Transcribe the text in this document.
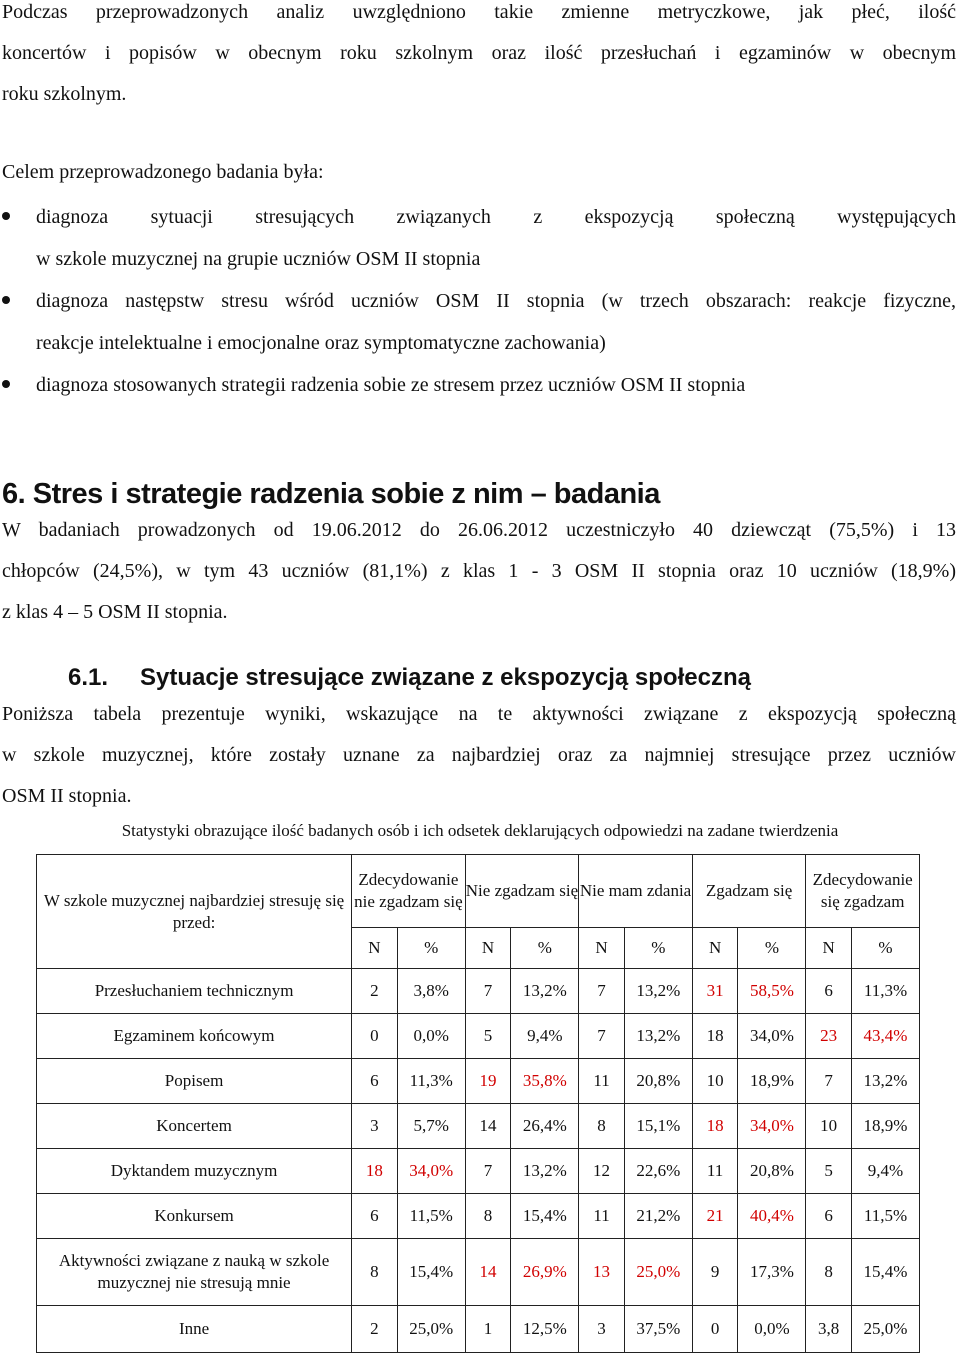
Podczas przeprowadzonych analiz uwzględniono takie zmienne metryczkowe, jak płeć, ilość
koncertów i popisów w obecnym roku szkolnym oraz ilość przesłuchań i egzaminów w obecnym
roku szkolnym.
Celem przeprowadzonego badania była:
diagnoza sytuacji stresujących związanych z ekspozycją społeczną występujących
w szkole muzycznej na grupie uczniów OSM II stopnia
diagnoza następstw stresu wśród uczniów OSM II stopnia (w trzech obszarach: reakcje fizyczne,
reakcje intelektualne i emocjonalne oraz symptomatyczne zachowania)
diagnoza stosowanych strategii radzenia sobie ze stresem przez uczniów OSM II stopnia
6. Stres i strategie radzenia sobie z nim – badania
W badaniach prowadzonych od 19.06.2012 do 26.06.2012 uczestniczyło 40 dziewcząt (75,5%) i 13
chłopców (24,5%), w tym 43 uczniów (81,1%) z klas 1 - 3 OSM II stopnia oraz 10 uczniów (18,9%)
z klas 4 – 5 OSM II stopnia.
6.1. Sytuacje stresujące związane z ekspozycją społeczną
Poniższa tabela prezentuje wyniki, wskazujące na te aktywności związane z ekspozycją społeczną
w szkole muzycznej, które zostały uznane za najbardziej oraz za najmniej stresujące przez uczniów
OSM II stopnia.

Statystyki obrazujące ilość badanych osób i ich odsetek deklarujących odpowiedzi na zadane twierdzenia

W szkole muzycznej najbardziej stresuję się przed:	Zdecydowanie nie zgadzam się		Nie zgadzam się		Nie mam zdania		Zgadzam się		Zdecydowanie się zgadzam	
	N	%	N	%	N	%	N	%	N	%
Przesłuchaniem technicznym	2	3,8%	7	13,2%	7	13,2%	31	58,5%	6	11,3%
Egzaminem końcowym	0	0,0%	5	9,4%	7	13,2%	18	34,0%	23	43,4%
Popisem	6	11,3%	19	35,8%	11	20,8%	10	18,9%	7	13,2%
Koncertem	3	5,7%	14	26,4%	8	15,1%	18	34,0%	10	18,9%
Dyktandem muzycznym	18	34,0%	7	13,2%	12	22,6%	11	20,8%	5	9,4%
Konkursem	6	11,5%	8	15,4%	11	21,2%	21	40,4%	6	11,5%
Aktywności związane z nauką w szkole muzycznej nie stresują mnie	8	15,4%	14	26,9%	13	25,0%	9	17,3%	8	15,4%
Inne	2	25,0%	1	12,5%	3	37,5%	0	0,0%	3,8	25,0%
